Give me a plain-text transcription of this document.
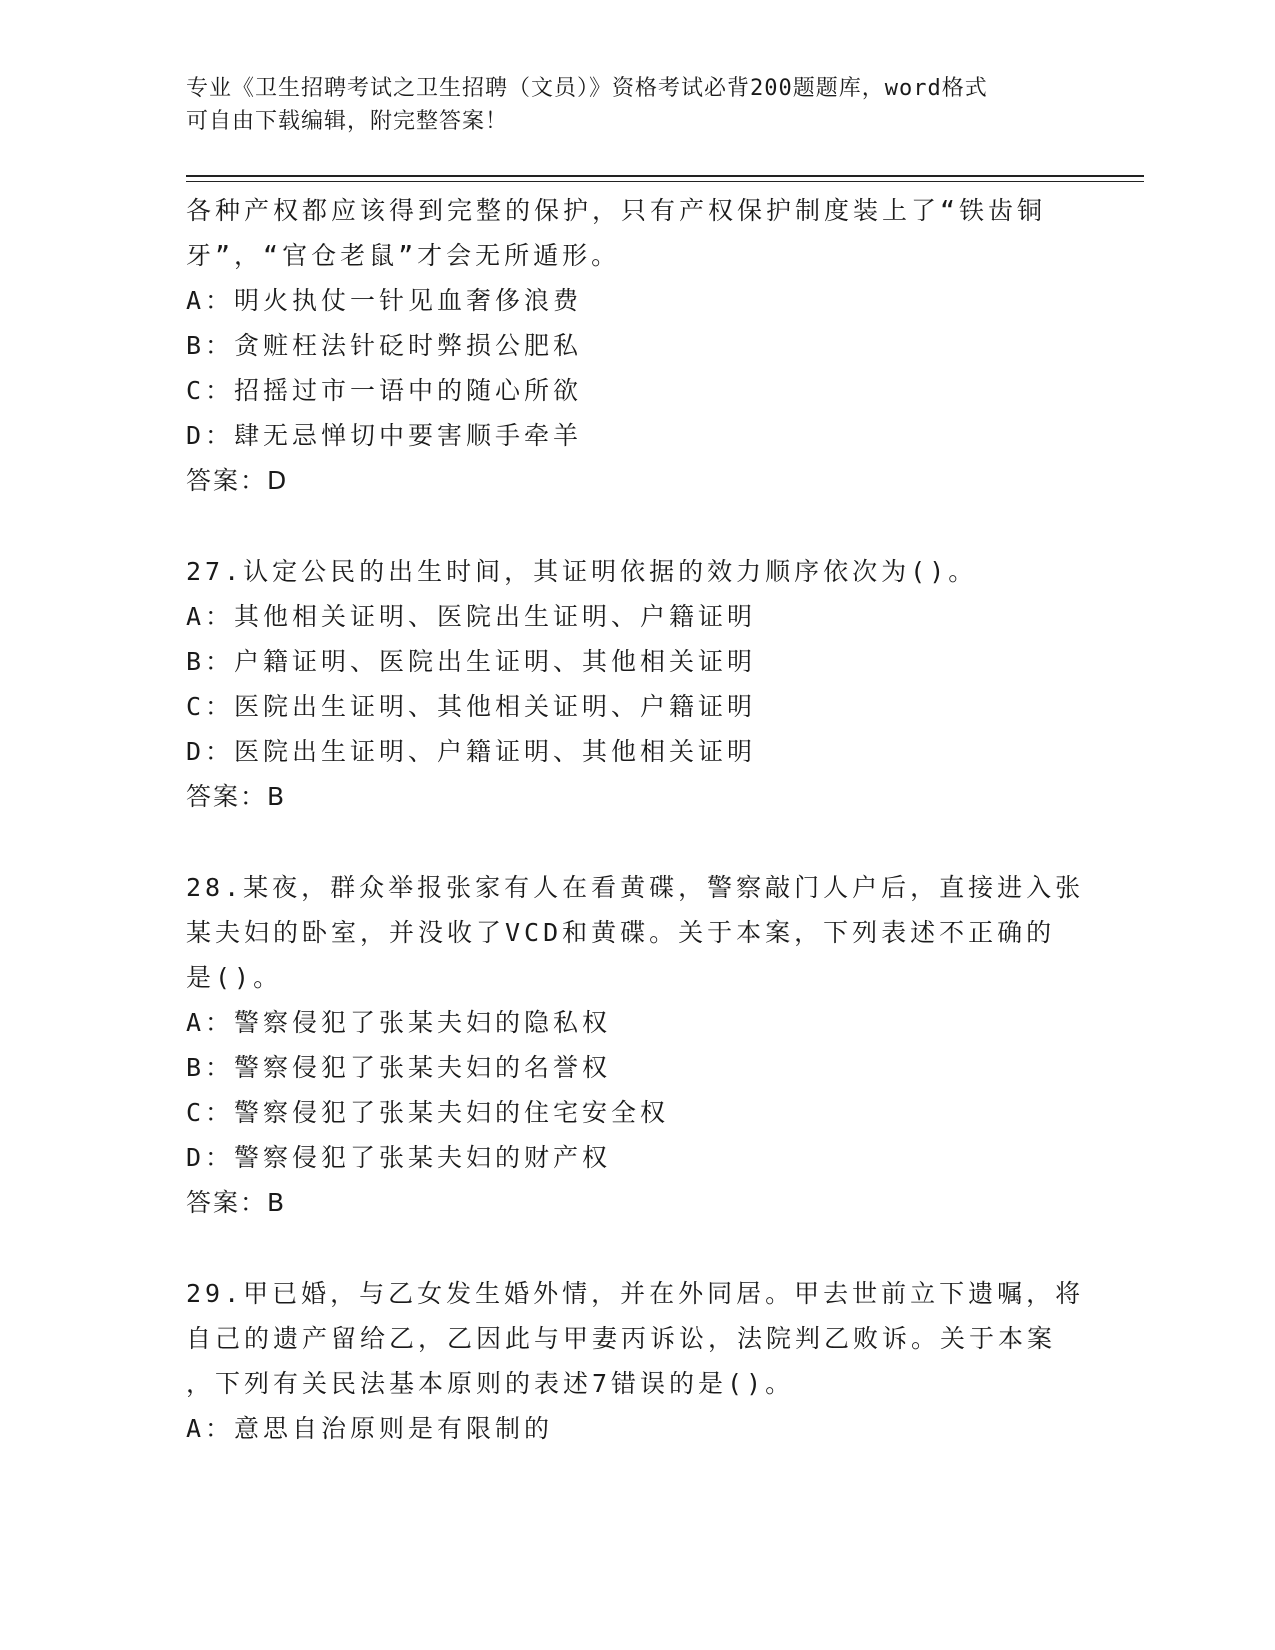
专业《卫生招聘考试之卫生招聘（文员）》资格考试必背200题题库，word格式
可自由下载编辑，附完整答案！
各种产权都应该得到完整的保护，只有产权保护制度装上了“铁齿铜
牙”，“官仓老鼠”才会无所遁形。
A：明火执仗一针见血奢侈浪费
B：贪赃枉法针砭时弊损公肥私
C：招摇过市一语中的随心所欲
D：肆无忌惮切中要害顺手牵羊
答案：D
27.认定公民的出生时间，其证明依据的效力顺序依次为()。
A：其他相关证明、医院出生证明、户籍证明
B：户籍证明、医院出生证明、其他相关证明
C：医院出生证明、其他相关证明、户籍证明
D：医院出生证明、户籍证明、其他相关证明
答案：B
28.某夜，群众举报张家有人在看黄碟，警察敲门人户后，直接进入张
某夫妇的卧室，并没收了VCD和黄碟。关于本案，下列表述不正确的
是()。
A：警察侵犯了张某夫妇的隐私权
B：警察侵犯了张某夫妇的名誉权
C：警察侵犯了张某夫妇的住宅安全权
D：警察侵犯了张某夫妇的财产权
答案：B
29.甲已婚，与乙女发生婚外情，并在外同居。甲去世前立下遗嘱，将
自己的遗产留给乙，乙因此与甲妻丙诉讼，法院判乙败诉。关于本案
，下列有关民法基本原则的表述7错误的是()。
A：意思自治原则是有限制的
